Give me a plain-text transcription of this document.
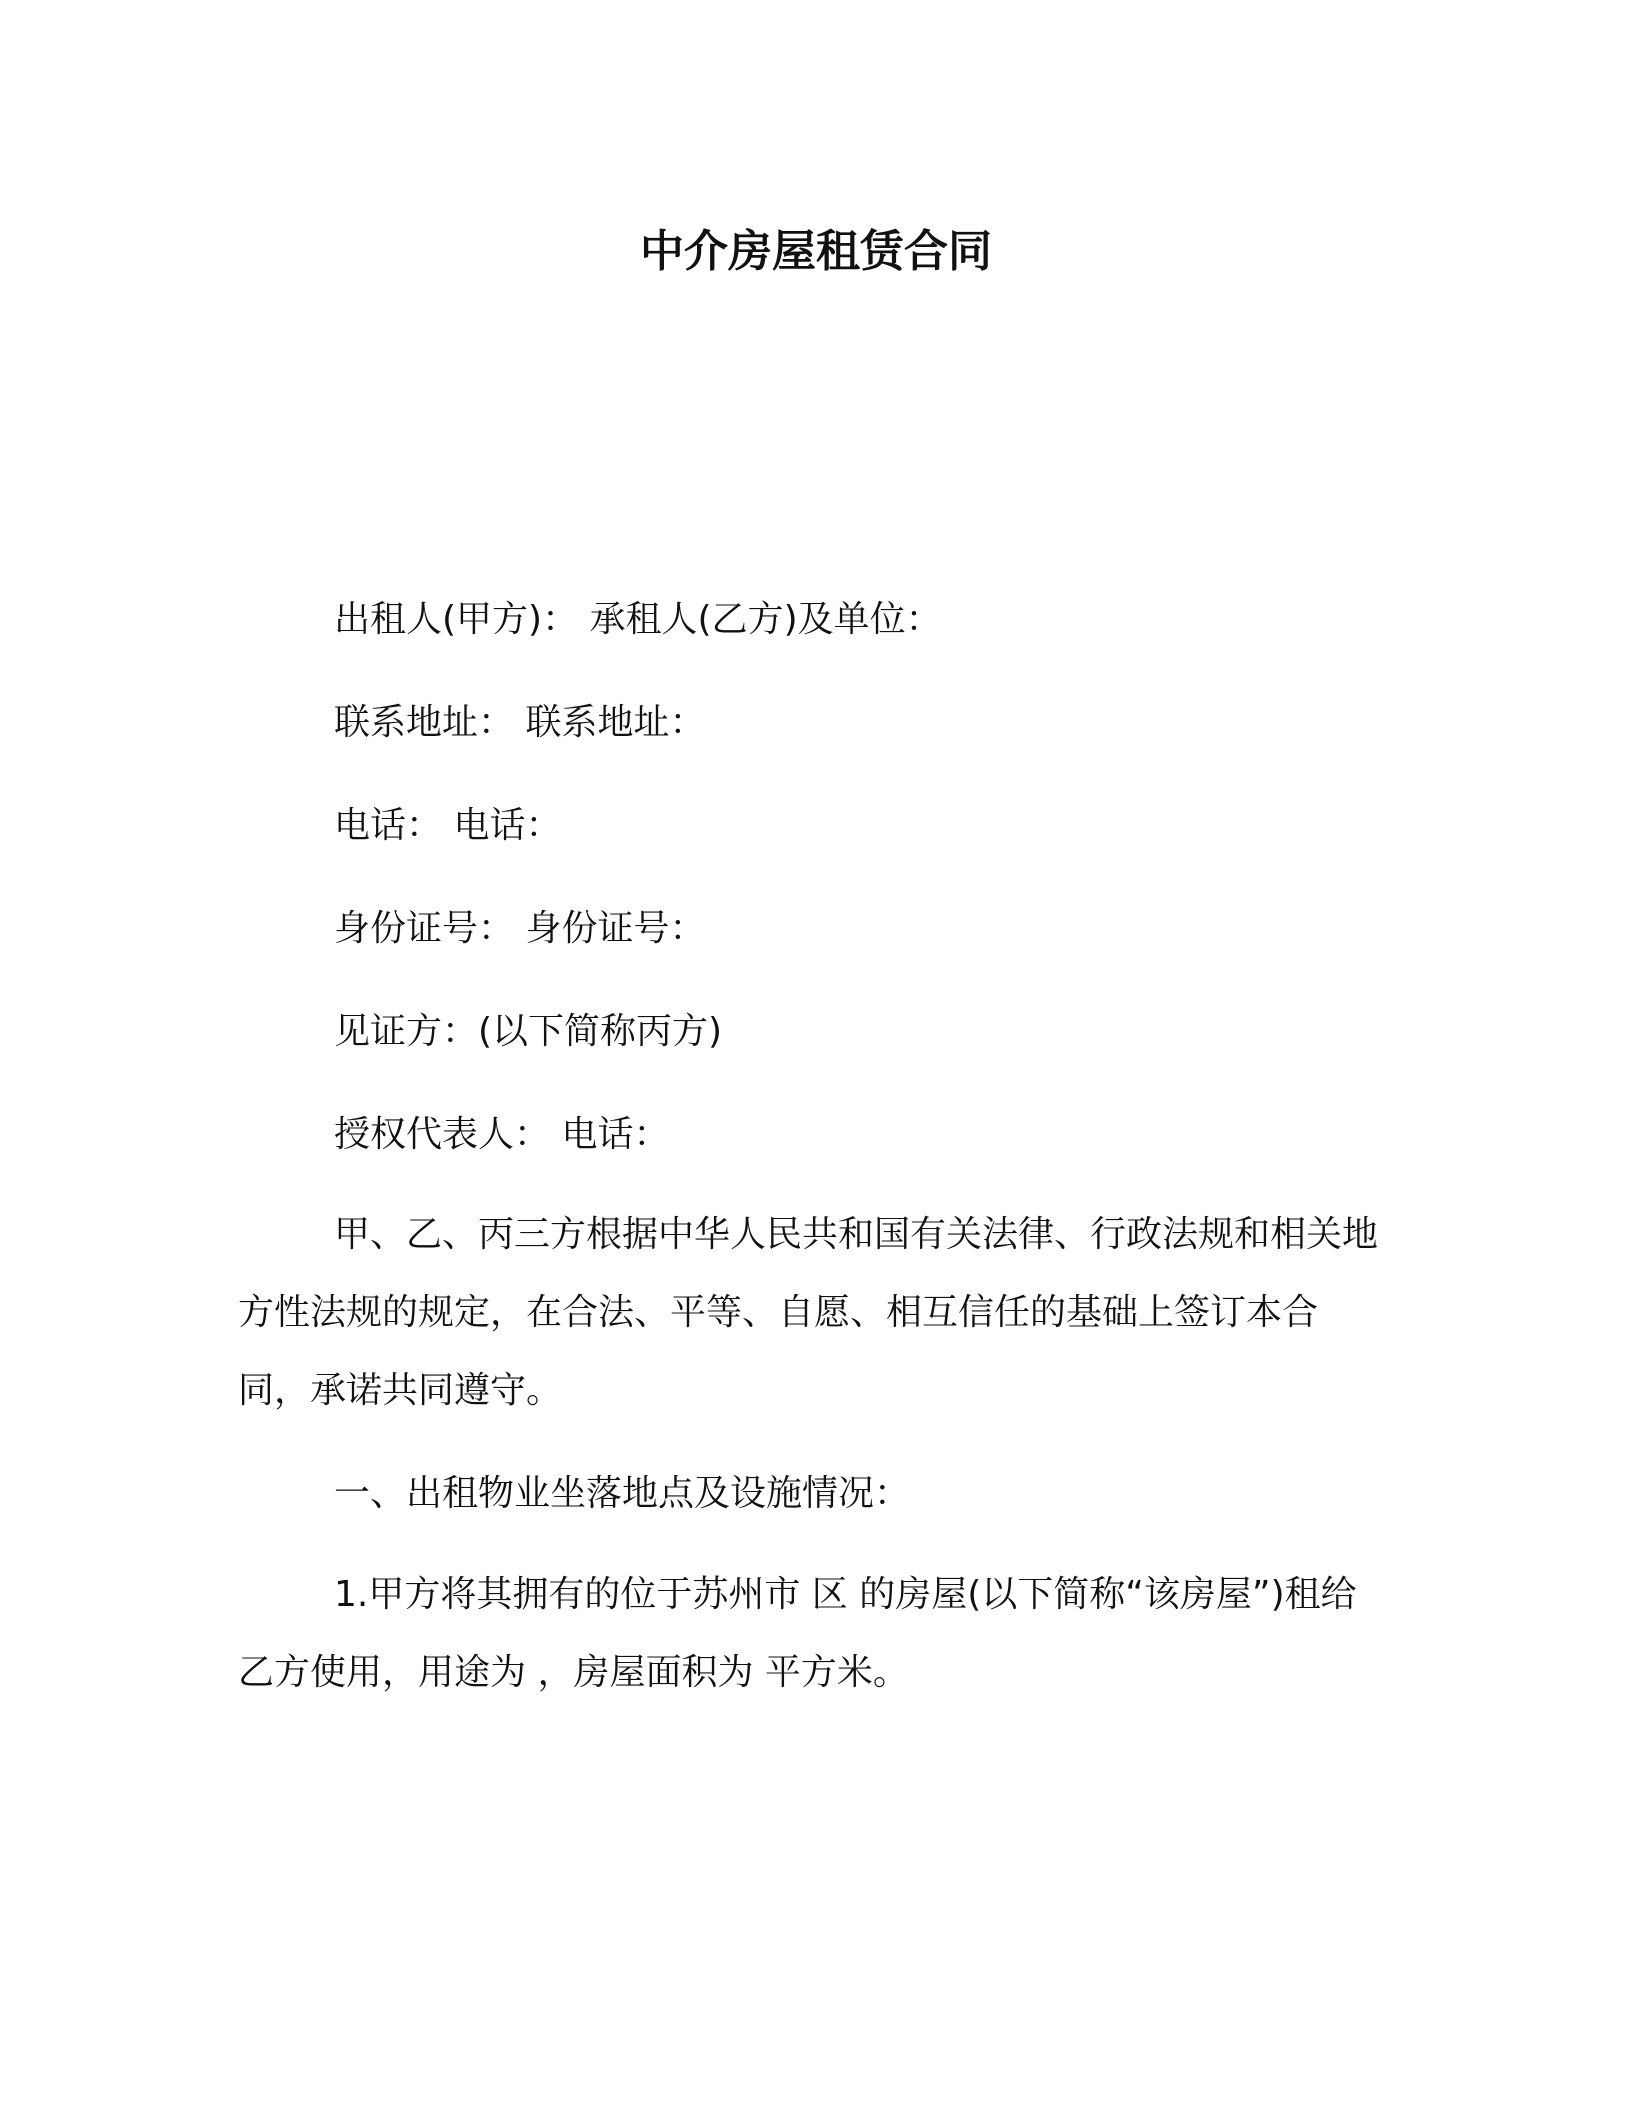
中介房屋租赁合同
出租人(甲方)： 承租人(乙方)及单位：
联系地址： 联系地址：
电话： 电话：
身份证号： 身份证号：
见证方：(以下简称丙方)
授权代表人： 电话：
甲、乙、丙三方根据中华人民共和国有关法律、行政法规和相关地方性法规的规定，在合法、平等、自愿、相互信任的基础上签订本合同，承诺共同遵守。
一、出租物业坐落地点及设施情况：
1.甲方将其拥有的位于苏州市 区 的房屋(以下简称“该房屋”)租给乙方使用，用途为 ，房屋面积为 平方米。
